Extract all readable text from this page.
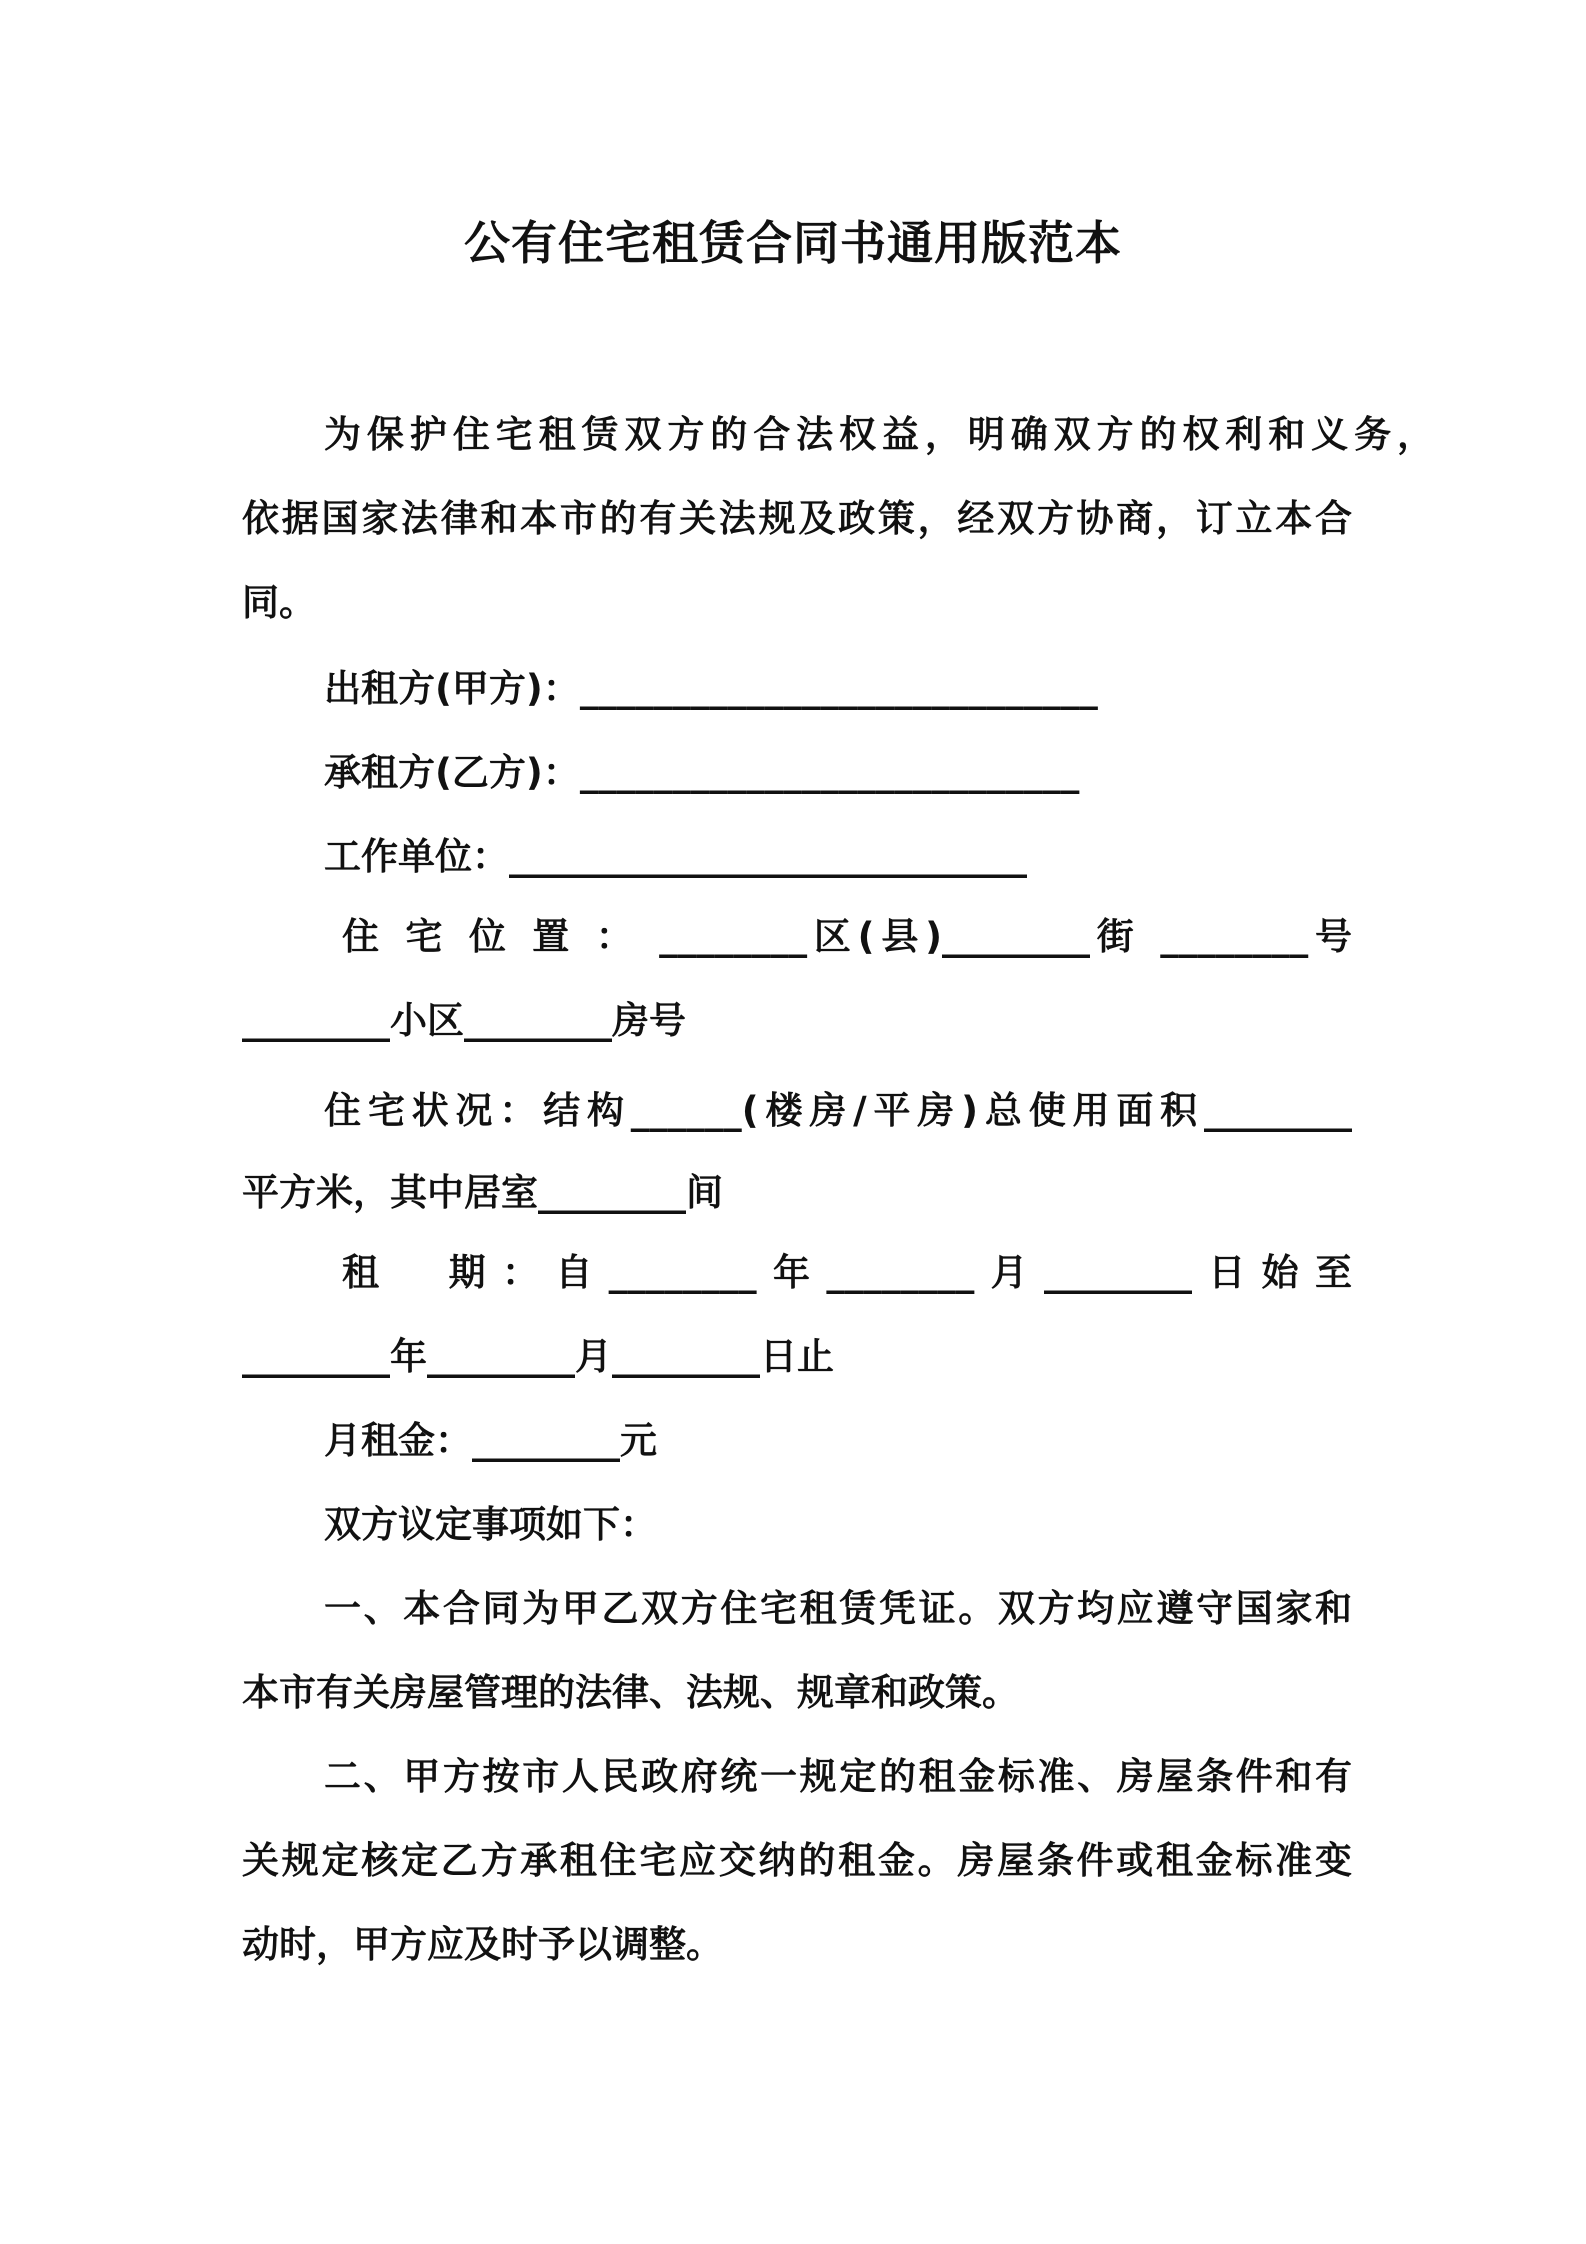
公有住宅租赁合同书通用版范本
为保护住宅租赁双方的合法权益，明确双方的权利和义务，
依据国家法律和本市的有关法规及政策，经双方协商，订立本合
同。
出租方(甲方)：____________________________
承租方(乙方)：___________________________
工作单位：____________________________
住 宅 位 置 ： ________区(县)________街 ________号
________小区________房号
住宅状况：结构______(楼房/平房)总使用面积________
平方米，其中居室________间
租　期：自________年________月________日始至
________年________月________日止
月租金：________元
双方议定事项如下：
一、本合同为甲乙双方住宅租赁凭证。双方均应遵守国家和
本市有关房屋管理的法律、法规、规章和政策。
二、甲方按市人民政府统一规定的租金标准、房屋条件和有
关规定核定乙方承租住宅应交纳的租金。房屋条件或租金标准变
动时，甲方应及时予以调整。
